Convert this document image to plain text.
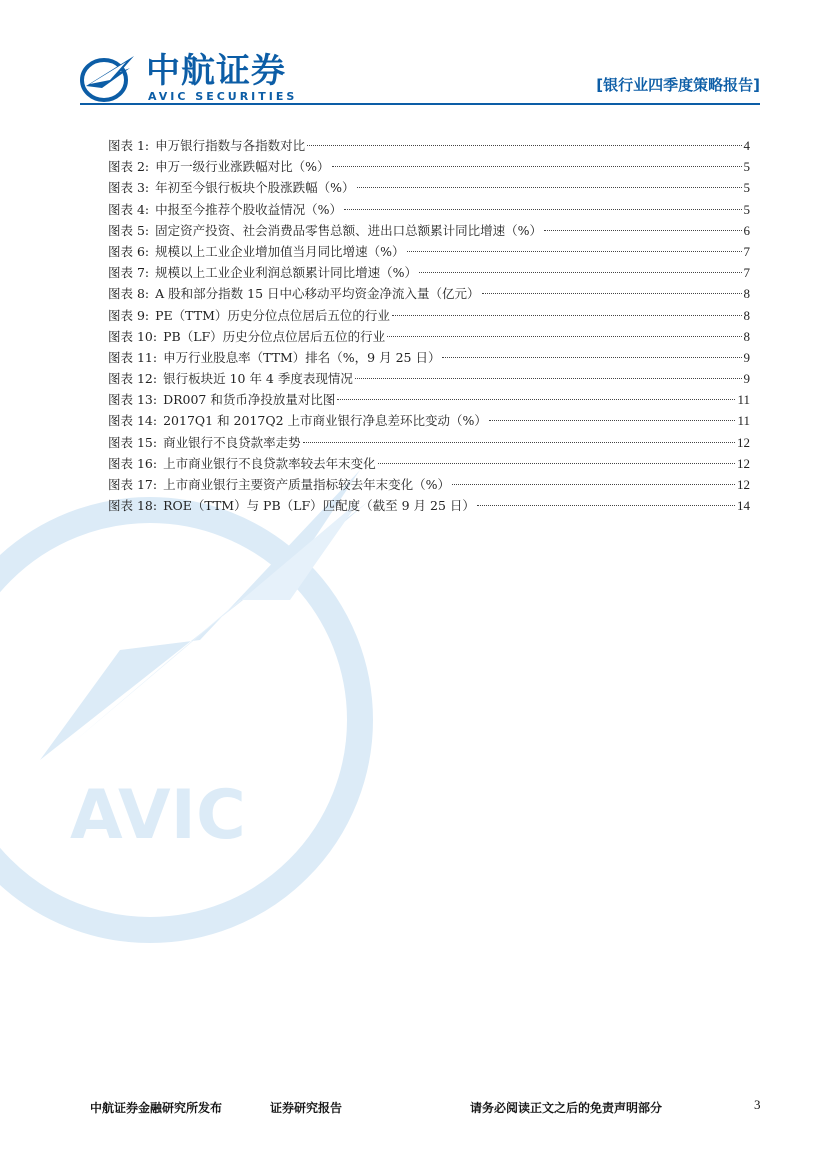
AVIC
中航证券
AVIC SECURITIES
[银行业四季度策略报告]
图表 1: 申万银行指数与各指数对比	4
图表 2: 申万一级行业涨跌幅对比（%）	5
图表 3: 年初至今银行板块个股涨跌幅（%）	5
图表 4: 中报至今推荐个股收益情况（%）	5
图表 5: 固定资产投资、社会消费品零售总额、进出口总额累计同比增速（%）	6
图表 6: 规模以上工业企业增加值当月同比增速（%）	7
图表 7: 规模以上工业企业利润总额累计同比增速（%）	7
图表 8: A 股和部分指数 15 日中心移动平均资金净流入量（亿元）	8
图表 9: PE（TTM）历史分位点位居后五位的行业	8
图表 10: PB（LF）历史分位点位居后五位的行业	8
图表 11: 申万行业股息率（TTM）排名（%，9 月 25 日）	9
图表 12: 银行板块近 10 年 4 季度表现情况	9
图表 13: DR007 和货币净投放量对比图	11
图表 14: 2017Q1 和 2017Q2 上市商业银行净息差环比变动（%）	11
图表 15: 商业银行不良贷款率走势	12
图表 16: 上市商业银行不良贷款率较去年末变化	12
图表 17: 上市商业银行主要资产质量指标较去年末变化（%）	12
图表 18: ROE（TTM）与 PB（LF）匹配度（截至 9 月 25 日）	14
中航证券金融研究所发布	证券研究报告	请务必阅读正文之后的免责声明部分	3
